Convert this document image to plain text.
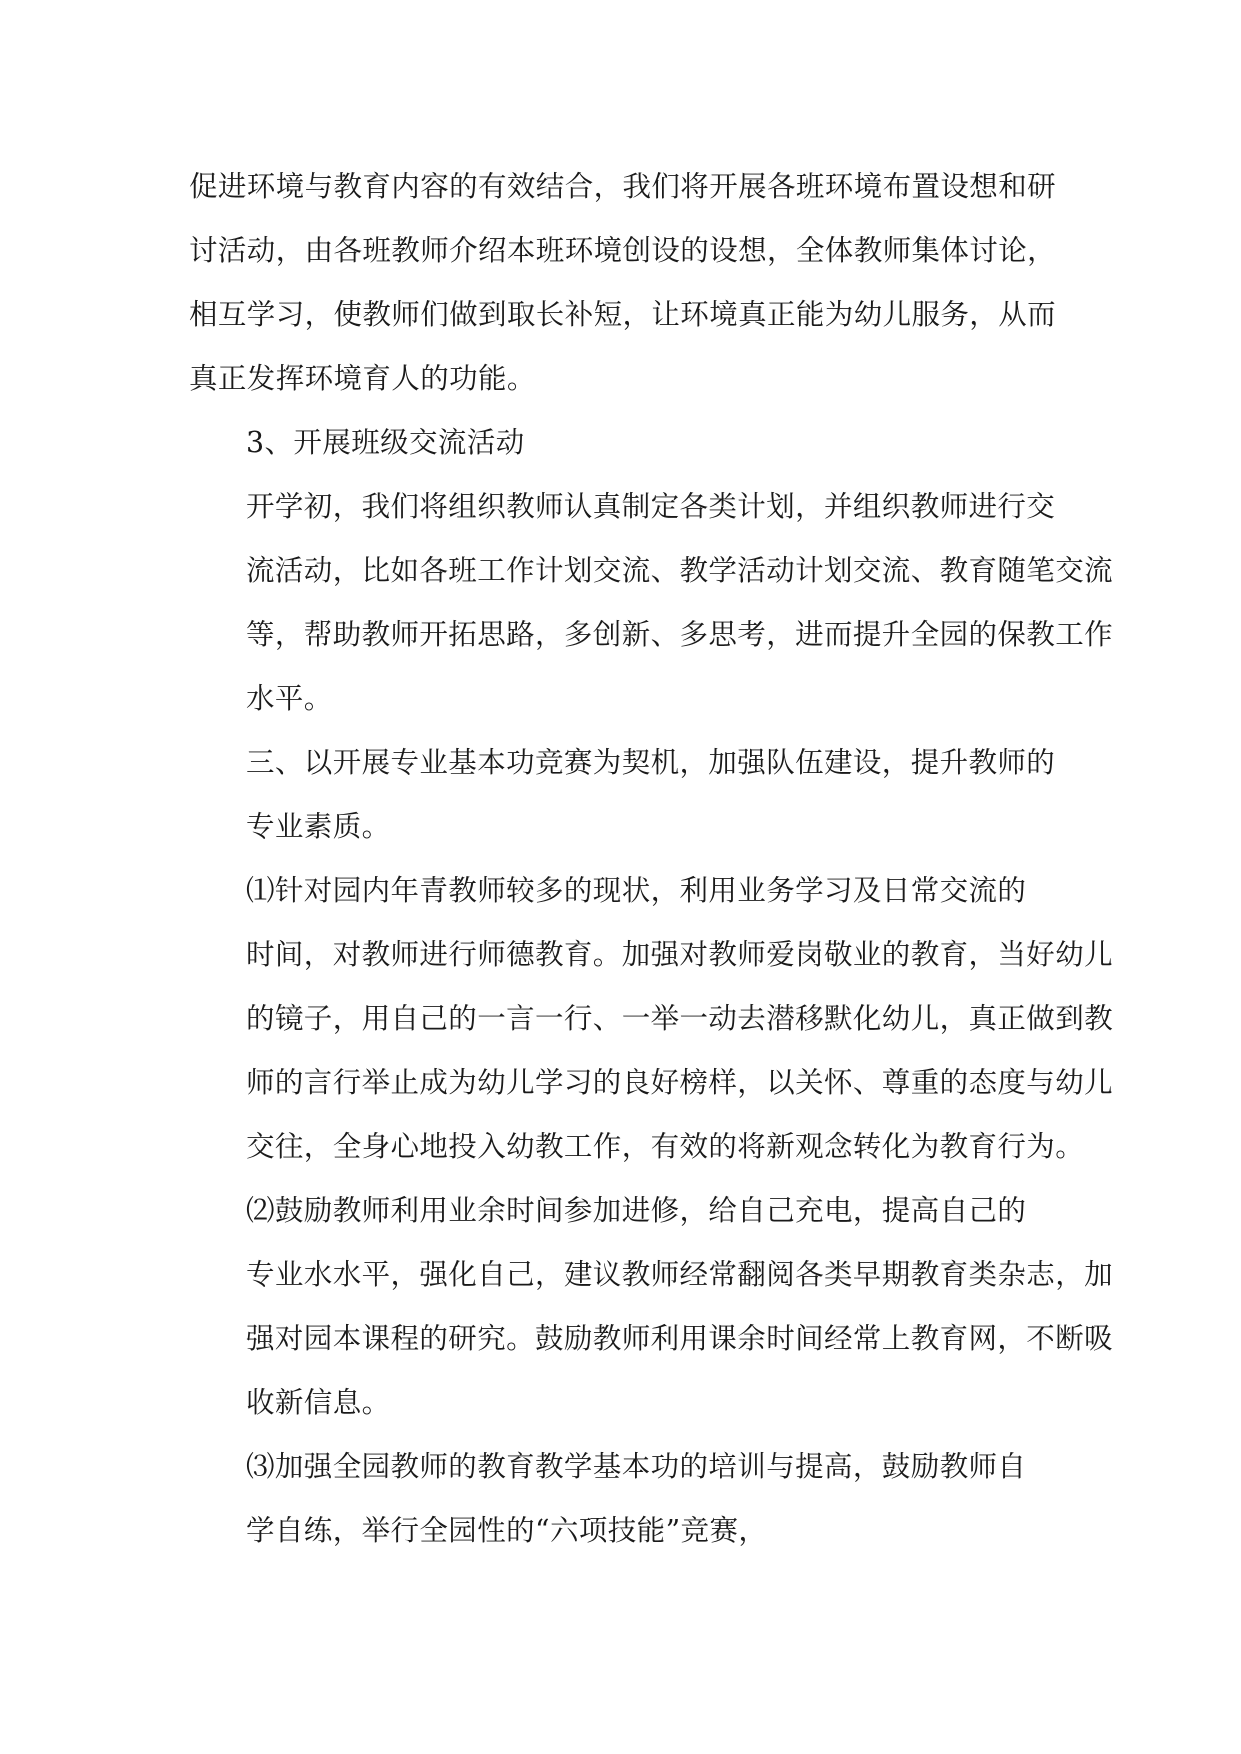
促进环境与教育内容的有效结合，我们将开展各班环境布置设想和研
讨活动，由各班教师介绍本班环境创设的设想，全体教师集体讨论，
相互学习，使教师们做到取长补短，让环境真正能为幼儿服务，从而
真正发挥环境育人的功能。

3、开展班级交流活动

开学初，我们将组织教师认真制定各类计划，并组织教师进行交
流活动，比如各班工作计划交流、教学活动计划交流、教育随笔交流
等，帮助教师开拓思路，多创新、多思考，进而提升全园的保教工作
水平。

三、以开展专业基本功竞赛为契机，加强队伍建设，提升教师的
专业素质。

⑴针对园内年青教师较多的现状，利用业务学习及日常交流的
时间，对教师进行师德教育。加强对教师爱岗敬业的教育，当好幼儿
的镜子，用自己的一言一行、一举一动去潜移默化幼儿，真正做到教
师的言行举止成为幼儿学习的良好榜样，以关怀、尊重的态度与幼儿
交往，全身心地投入幼教工作，有效的将新观念转化为教育行为。

⑵鼓励教师利用业余时间参加进修，给自己充电，提高自己的
专业水水平，强化自己，建议教师经常翻阅各类早期教育类杂志，加
强对园本课程的研究。鼓励教师利用课余时间经常上教育网，不断吸
收新信息。

⑶加强全园教师的教育教学基本功的培训与提高，鼓励教师自
学自练，举行全园性的“六项技能”竞赛，
